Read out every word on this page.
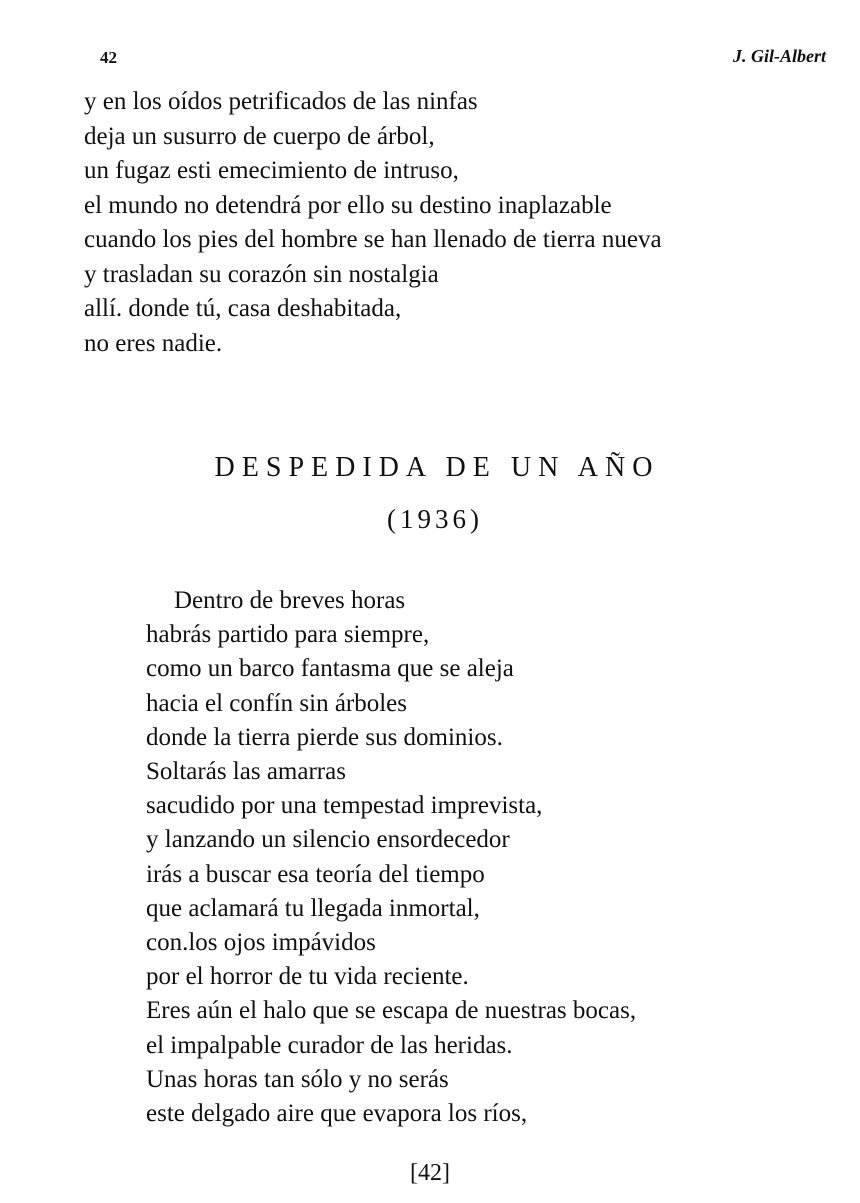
42	J. Gil-Albert
y en los oídos petrificados de las ninfas
deja un susurro de cuerpo de árbol,
un fugaz esti emecimiento de intruso,
el mundo no detendrá por ello su destino inaplazable
cuando los pies del hombre se han llenado de tierra nueva
y trasladan su corazón sin nostalgia
allí. donde tú, casa deshabitada,
no eres nadie.
DESPEDIDA DE UN AÑO
(1936)
Dentro de breves horas
habrás partido para siempre,
como un barco fantasma que se aleja
hacia el confín sin árboles
donde la tierra pierde sus dominios.
Soltarás las amarras
sacudido por una tempestad imprevista,
y lanzando un silencio ensordecedor
irás a buscar esa teoría del tiempo
que aclamará tu llegada inmortal,
con.los ojos impávidos
por el horror de tu vida reciente.
Eres aún el halo que se escapa de nuestras bocas,
el impalpable curador de las heridas.
Unas horas tan sólo y no serás
este delgado aire que evapora los ríos,
[42]
